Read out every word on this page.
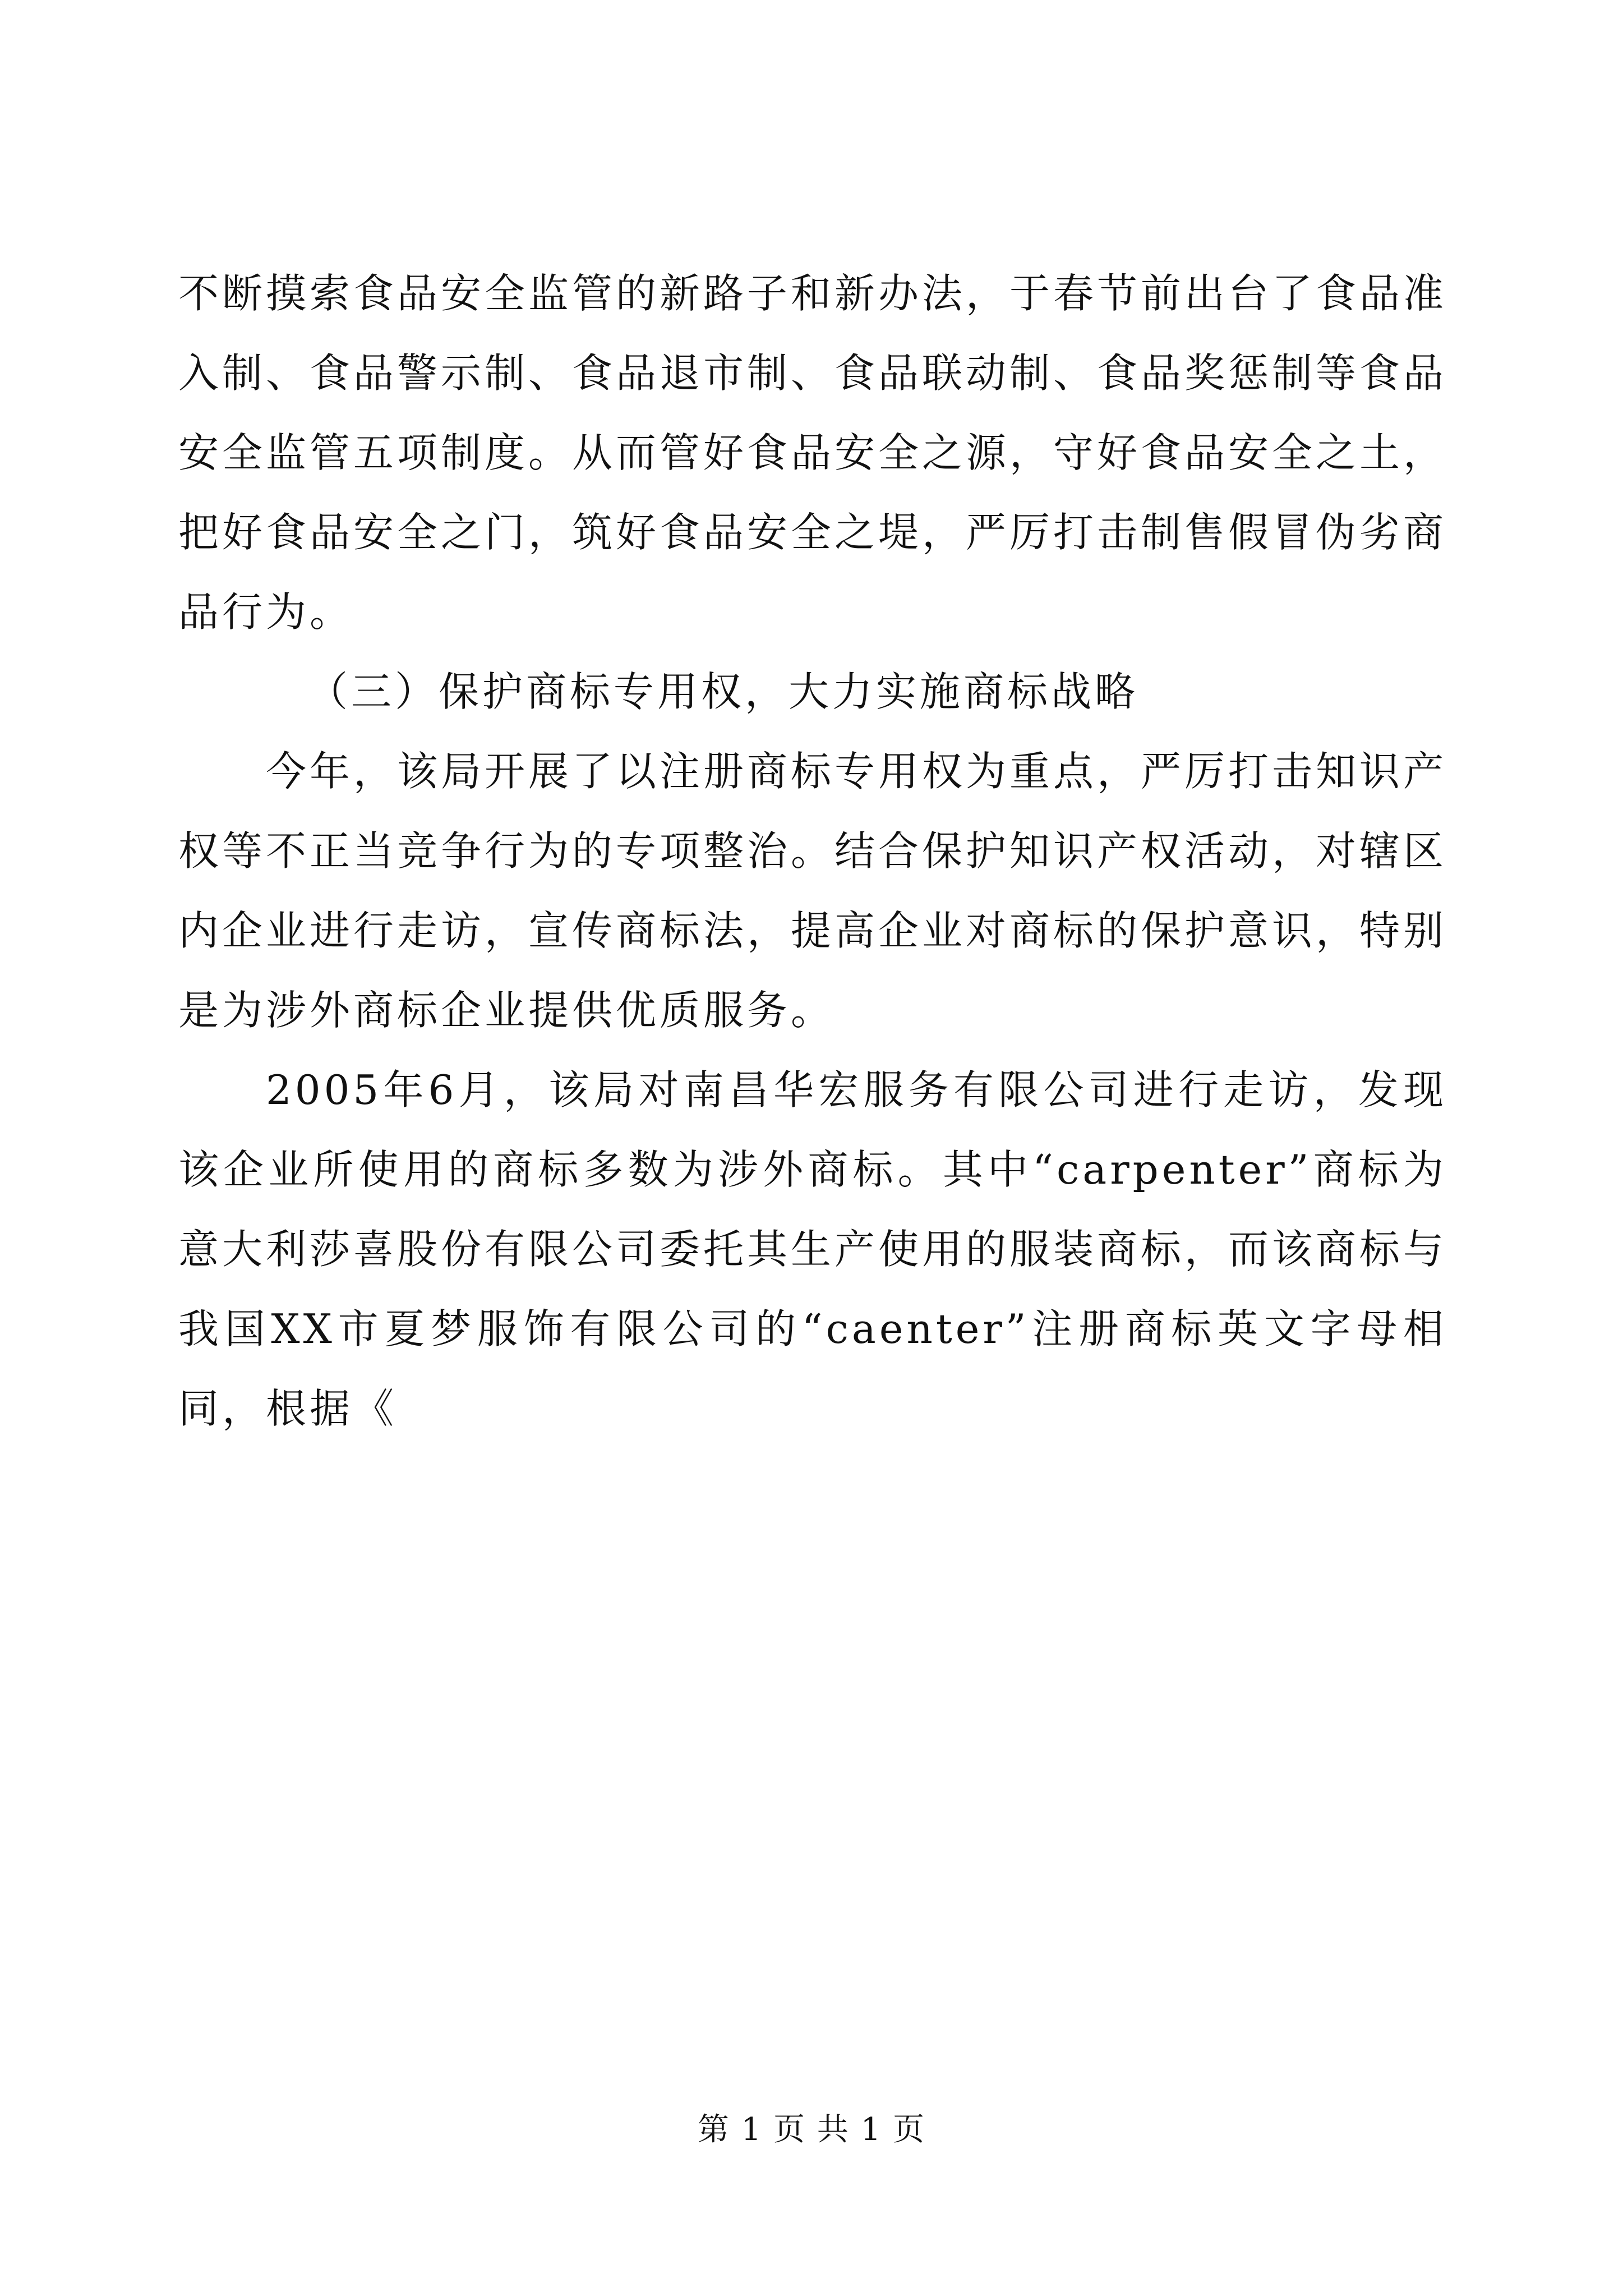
不断摸索食品安全监管的新路子和新办法，于春节前出台了食品准入制、食品警示制、食品退市制、食品联动制、食品奖惩制等食品安全监管五项制度。从而管好食品安全之源，守好食品安全之土，把好食品安全之门，筑好食品安全之堤，严厉打击制售假冒伪劣商品行为。

（三）保护商标专用权，大力实施商标战略

今年，该局开展了以注册商标专用权为重点，严厉打击知识产权等不正当竞争行为的专项整治。结合保护知识产权活动，对辖区内企业进行走访，宣传商标法，提高企业对商标的保护意识，特别是为涉外商标企业提供优质服务。

2005年6月，该局对南昌华宏服务有限公司进行走访，发现该企业所使用的商标多数为涉外商标。其中“carpenter”商标为意大利莎喜股份有限公司委托其生产使用的服装商标，而该商标与我国XX市夏梦服饰有限公司的“caenter”注册商标英文字母相同，根据《

第 1 页 共 1 页
